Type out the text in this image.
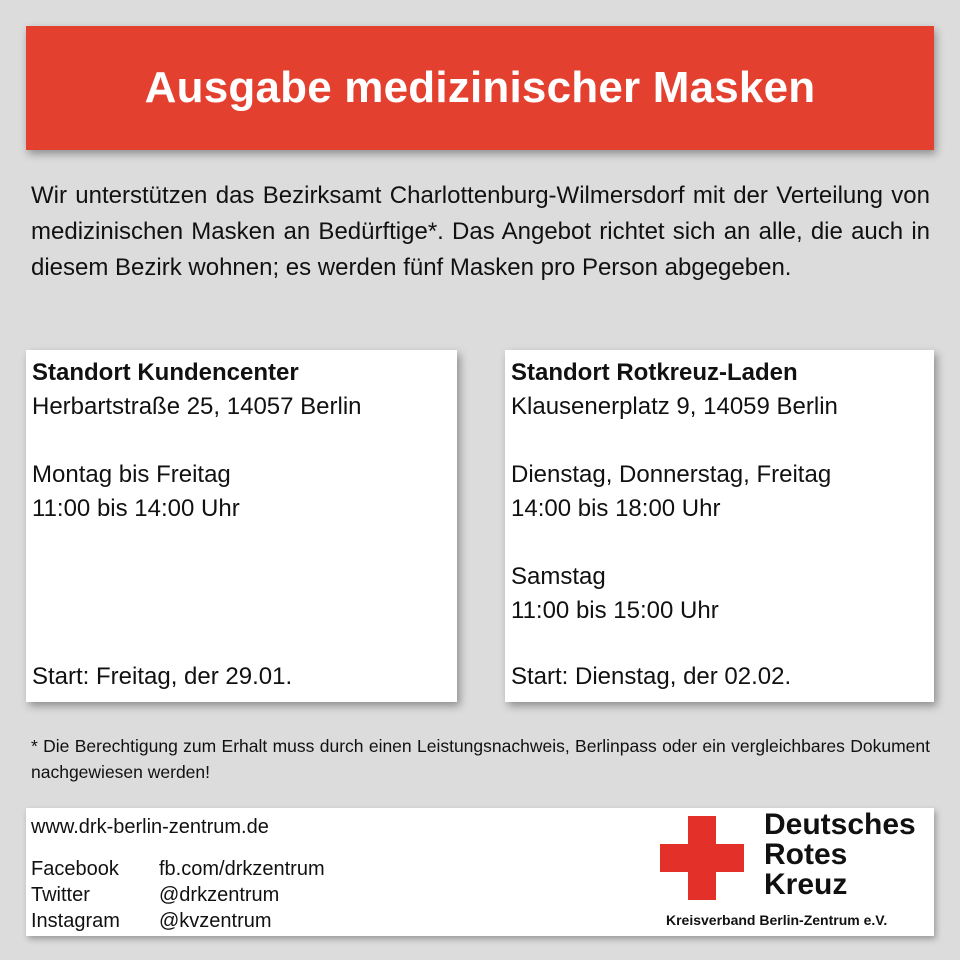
Ausgabe medizinischer Masken

Wir unterstützen das Bezirksamt Charlottenburg-Wilmersdorf mit der Verteilung von medizinischen Masken an Bedürftige*. Das Angebot richtet sich an alle, die auch in diesem Bezirk wohnen; es werden fünf Masken pro Person abgegeben.

Standort Kundencenter
Herbartstraße 25, 14057 Berlin
Montag bis Freitag
11:00 bis 14:00 Uhr
Start: Freitag, der 29.01.
Standort Rotkreuz-Laden
Klausenerplatz 9, 14059 Berlin
Dienstag, Donnerstag, Freitag
14:00 bis 18:00 Uhr
Samstag
11:00 bis 15:00 Uhr
Start: Dienstag, der 02.02.

* Die Berechtigung zum Erhalt muss durch einen Leistungsnachweis, Berlinpass oder ein vergleichbares Dokument nachgewiesen werden!

www.drk-berlin-zentrum.de
Facebook	fb.com/drkzentrum
Twitter	@drkzentrum
Instagram	@kvzentrum
Deutsches
Rotes
Kreuz
Kreisverband Berlin-Zentrum e.V.
